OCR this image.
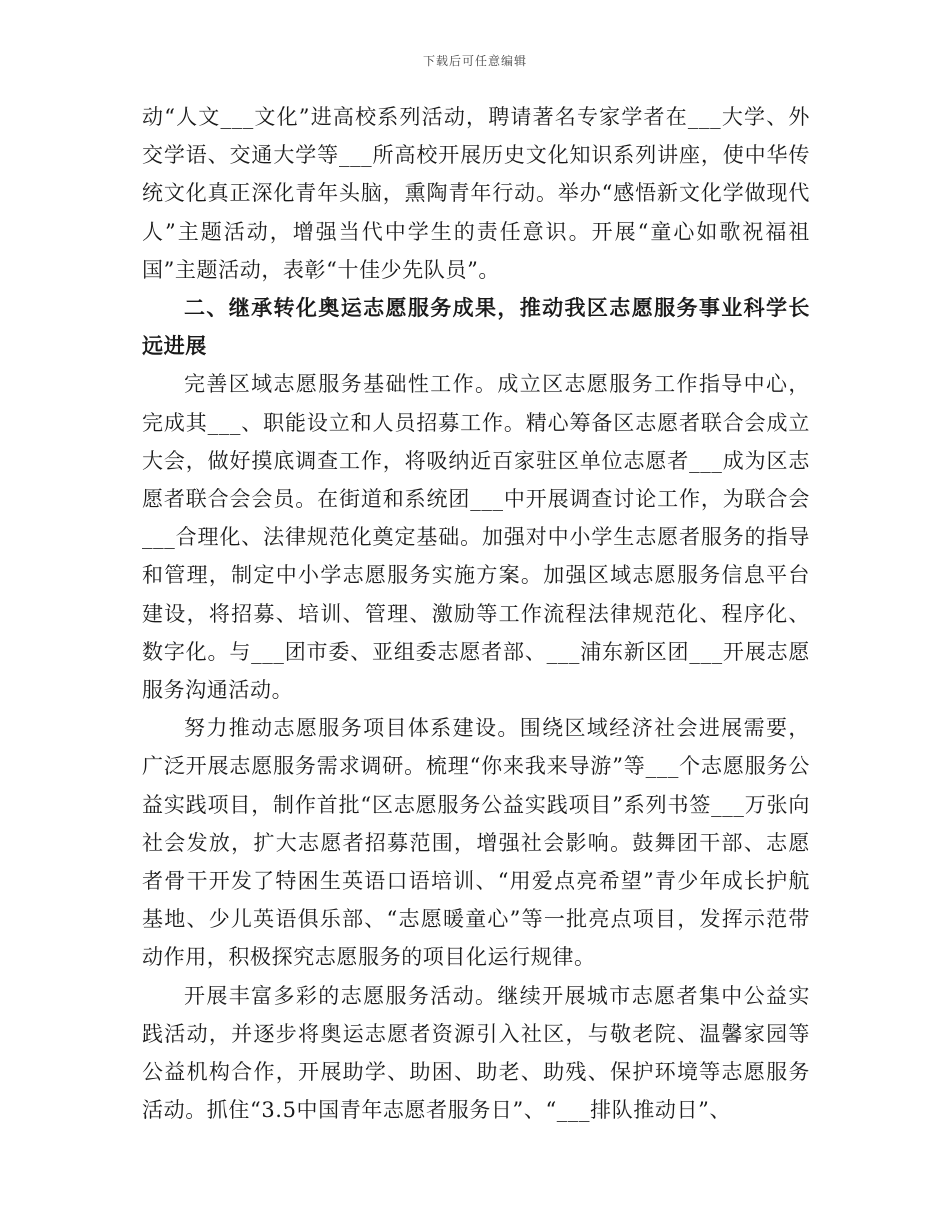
下载后可任意编辑

动“人文___文化”进高校系列活动，聘请著名专家学者在___大学、外交学语、交通大学等___所高校开展历史文化知识系列讲座，使中华传统文化真正深化青年头脑，熏陶青年行动。举办“感悟新文化学做现代人”主题活动，增强当代中学生的责任意识。开展“童心如歌祝福祖国”主题活动，表彰“十佳少先队员”。

二、继承转化奥运志愿服务成果，推动我区志愿服务事业科学长远进展

完善区域志愿服务基础性工作。成立区志愿服务工作指导中心，完成其___、职能设立和人员招募工作。精心筹备区志愿者联合会成立大会，做好摸底调查工作，将吸纳近百家驻区单位志愿者___成为区志愿者联合会会员。在街道和系统团___中开展调查讨论工作，为联合会___合理化、法律规范化奠定基础。加强对中小学生志愿者服务的指导和管理，制定中小学志愿服务实施方案。加强区域志愿服务信息平台建设，将招募、培训、管理、激励等工作流程法律规范化、程序化、数字化。与___团市委、亚组委志愿者部、___浦东新区团___开展志愿服务沟通活动。

努力推动志愿服务项目体系建设。围绕区域经济社会进展需要，广泛开展志愿服务需求调研。梳理“你来我来导游”等___个志愿服务公益实践项目，制作首批“区志愿服务公益实践项目”系列书签___万张向社会发放，扩大志愿者招募范围，增强社会影响。鼓舞团干部、志愿者骨干开发了特困生英语口语培训、“用爱点亮希望”青少年成长护航基地、少儿英语俱乐部、“志愿暖童心”等一批亮点项目，发挥示范带动作用，积极探究志愿服务的项目化运行规律。

开展丰富多彩的志愿服务活动。继续开展城市志愿者集中公益实践活动，并逐步将奥运志愿者资源引入社区，与敬老院、温馨家园等公益机构合作，开展助学、助困、助老、助残、保护环境等志愿服务活动。抓住“3.5中国青年志愿者服务日”、“___排队推动日”、
